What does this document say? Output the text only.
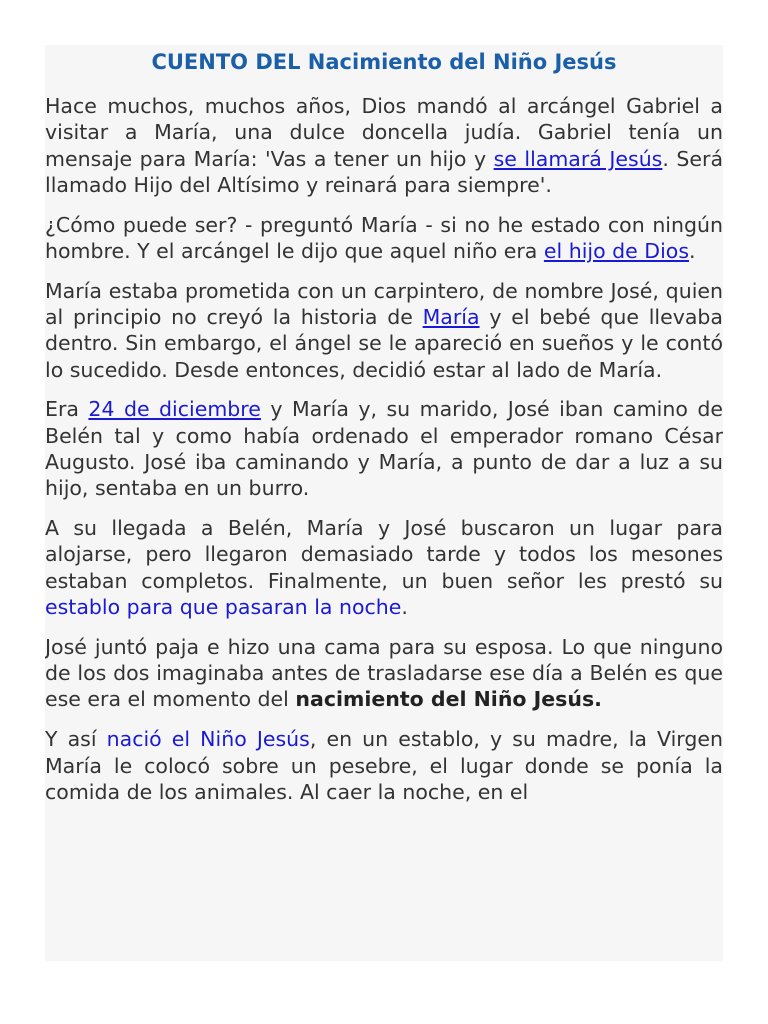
CUENTO DEL Nacimiento del Niño Jesús

Hace muchos, muchos años, Dios mandó al arcángel Gabriel a visitar a María, una dulce doncella judía. Gabriel tenía un mensaje para María: 'Vas a tener un hijo y se llamará Jesús. Será llamado Hijo del Altísimo y reinará para siempre'.

¿Cómo puede ser? - preguntó María - si no he estado con ningún hombre. Y el arcángel le dijo que aquel niño era el hijo de Dios.

María estaba prometida con un carpintero, de nombre José, quien al principio no creyó la historia de María y el bebé que llevaba dentro. Sin embargo, el ángel se le apareció en sueños y le contó lo sucedido. Desde entonces, decidió estar al lado de María.

Era 24 de diciembre y María y, su marido, José iban camino de Belén tal y como había ordenado el emperador romano César Augusto. José iba caminando y María, a punto de dar a luz a su hijo, sentaba en un burro.

A su llegada a Belén, María y José buscaron un lugar para alojarse, pero llegaron demasiado tarde y todos los mesones estaban completos. Finalmente, un buen señor les prestó su establo para que pasaran la noche.

José juntó paja e hizo una cama para su esposa. Lo que ninguno de los dos imaginaba antes de trasladarse ese día a Belén es que ese era el momento del nacimiento del Niño Jesús.

Y así nació el Niño Jesús, en un establo, y su madre, la Virgen María le colocó sobre un pesebre, el lugar donde se ponía la comida de los animales. Al caer la noche, en el
